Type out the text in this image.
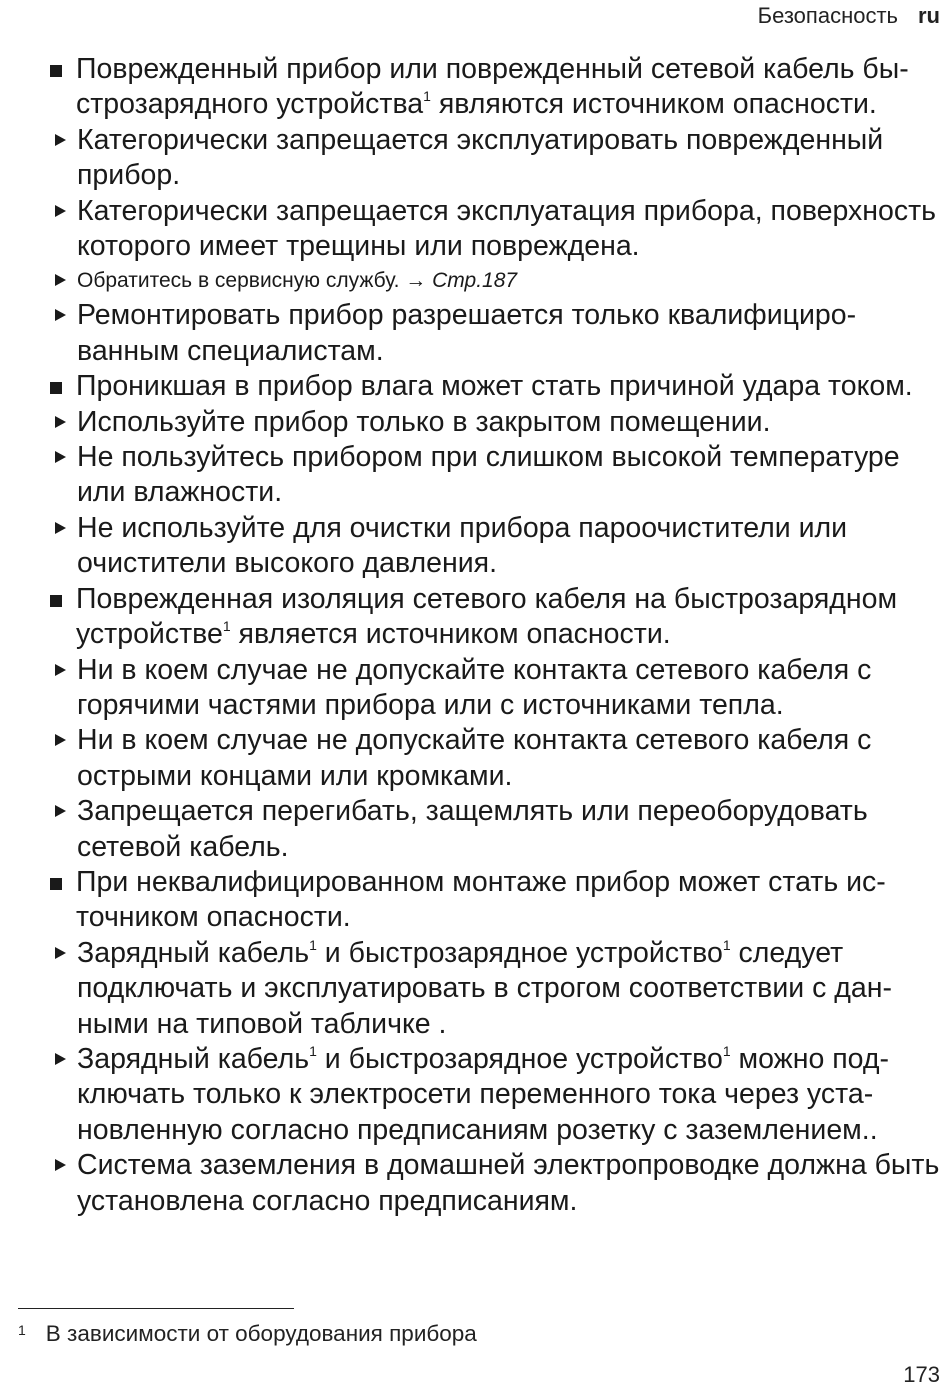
Безопасность ru
Поврежденный прибор или поврежденный сетевой кабель быстрозарядного устройства$^1$ являются источником опасности.
Категорически запрещается эксплуатировать поврежденный прибор.
Категорически запрещается эксплуатация прибора, поверхность которого имеет трещины или повреждена.
Обратитесь в сервисную службу. → Стр.187
Ремонтировать прибор разрешается только квалифицированным специалистам.
Проникшая в прибор влага может стать причиной удара током.
Используйте прибор только в закрытом помещении.
Не пользуйтесь прибором при слишком высокой температуре или влажности.
Не используйте для очистки прибора пароочистители или очистители высокого давления.
Поврежденная изоляция сетевого кабеля на быстрозарядном устройстве$^1$ является источником опасности.
Ни в коем случае не допускайте контакта сетевого кабеля с горячими частями прибора или с источниками тепла.
Ни в коем случае не допускайте контакта сетевого кабеля с острыми концами или кромками.
Запрещается перегибать, защемлять или переоборудовать сетевой кабель.
При неквалифицированном монтаже прибор может стать источником опасности.
Зарядный кабель$^1$ и быстрозарядное устройство$^1$ следует подключать и эксплуатировать в строгом соответствии с данными на типовой табличке .
Зарядный кабель$^1$ и быстрозарядное устройство$^1$ можно подключать только к электросети переменного тока через установленную согласно предписаниям розетку с заземлением..
Система заземления в домашней электропроводке должна быть установлена согласно предписаниям.
$^1$ В зависимости от оборудования прибора
173
